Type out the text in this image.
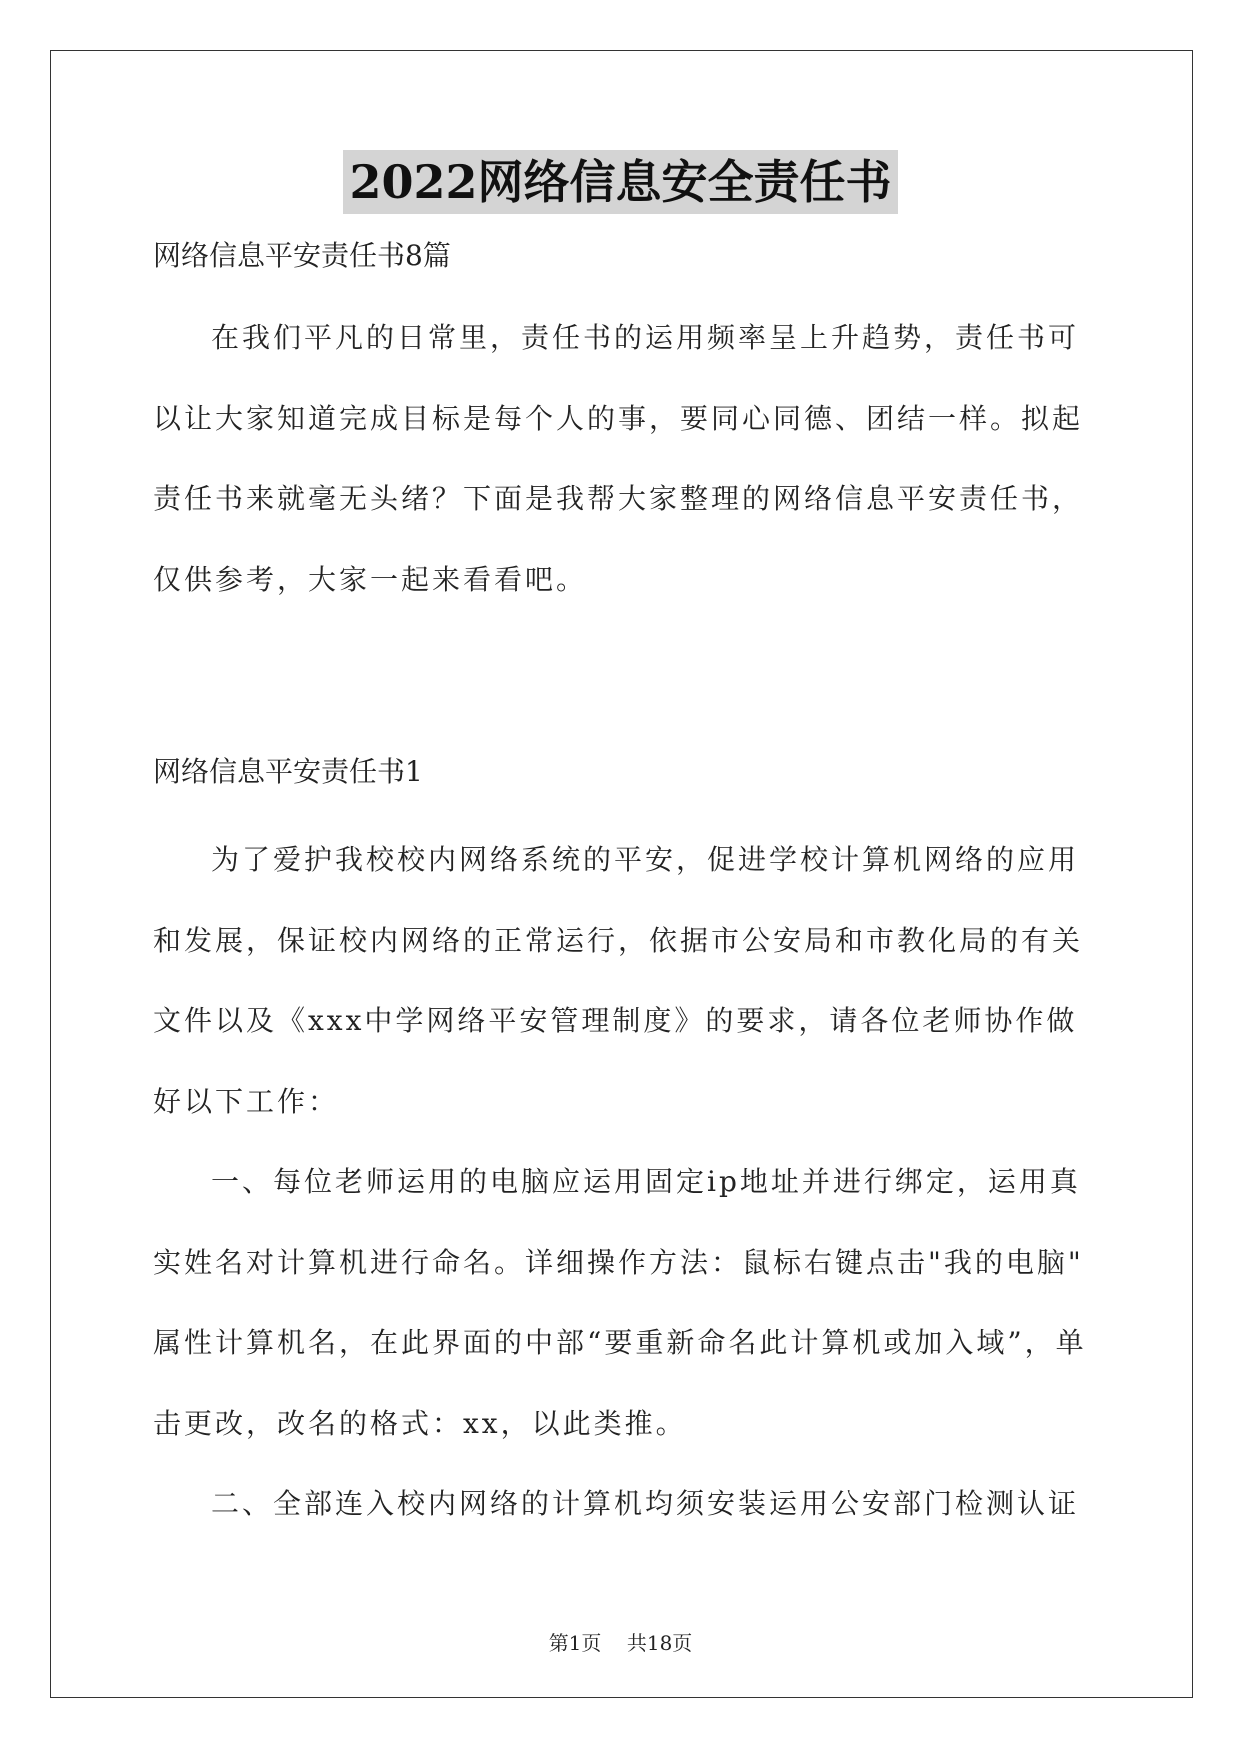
2022网络信息安全责任书

网络信息平安责任书8篇

在我们平凡的日常里，责任书的运用频率呈上升趋势，责任书可
以让大家知道完成目标是每个人的事，要同心同德、团结一样。拟起
责任书来就毫无头绪？下面是我帮大家整理的网络信息平安责任书，
仅供参考，大家一起来看看吧。

网络信息平安责任书1

为了爱护我校校内网络系统的平安，促进学校计算机网络的应用
和发展，保证校内网络的正常运行，依据市公安局和市教化局的有关
文件以及《xxx中学网络平安管理制度》的要求，请各位老师协作做
好以下工作：
一、每位老师运用的电脑应运用固定ip地址并进行绑定，运用真
实姓名对计算机进行命名。详细操作方法：鼠标右键点击"我的电脑"
属性计算机名，在此界面的中部“要重新命名此计算机或加入域”，单
击更改，改名的格式：xx，以此类推。
二、全部连入校内网络的计算机均须安装运用公安部门检测认证
第1页 共18页
